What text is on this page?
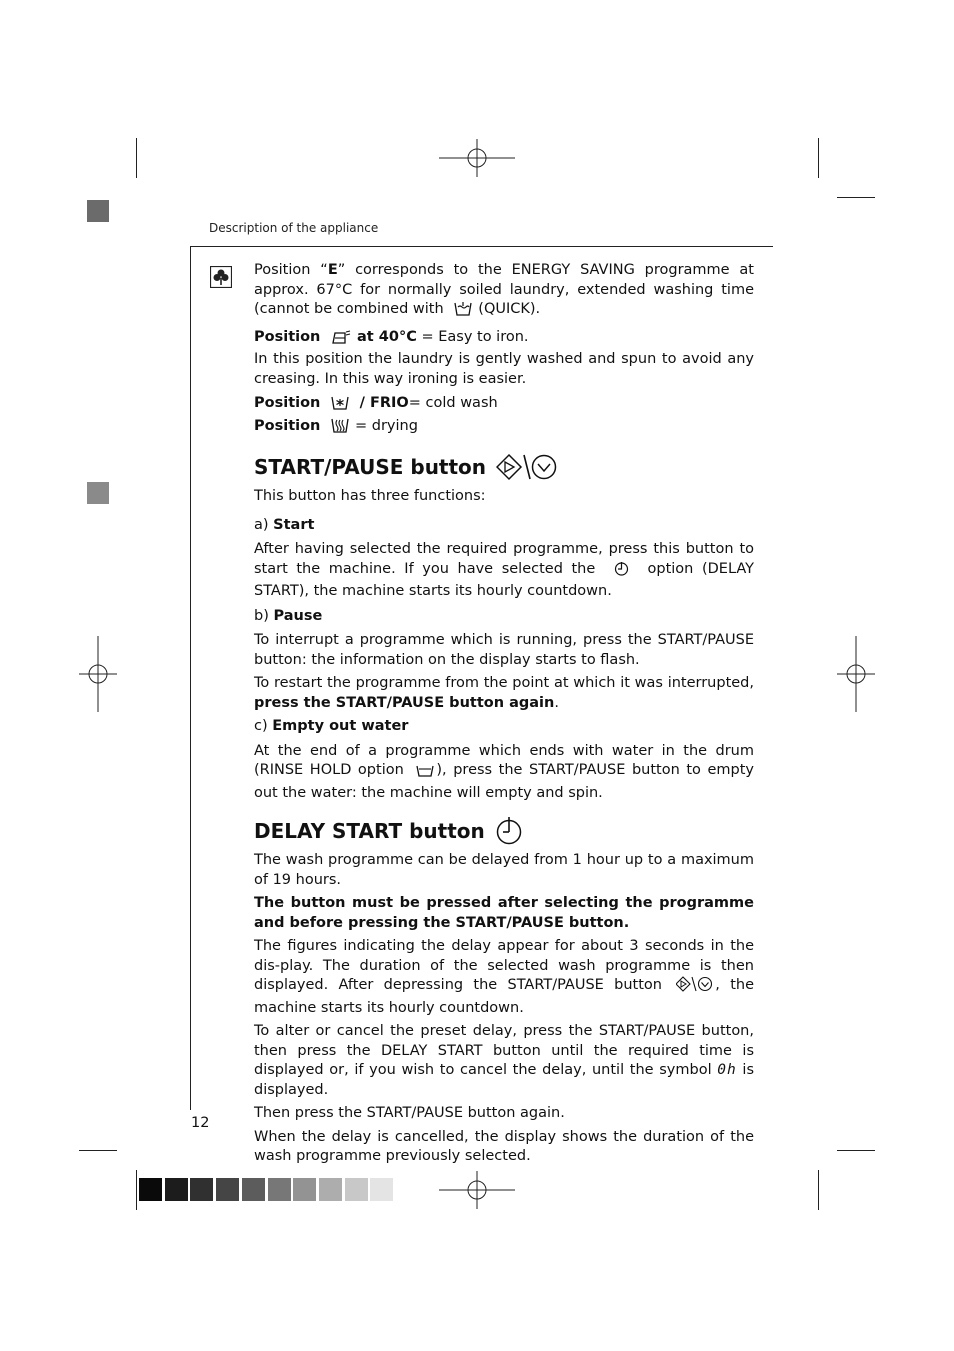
Description of the appliance

Position “E” corresponds to the ENERGY SAVING programme at approx. 67°C for normally soiled laundry, extended washing time (cannot be combined with (QUICK).

Position	at 40°C = Easy to iron.
In this position the laundry is gently washed and spun to avoid any creasing. In this way ironing is easier.

Position	/ FRIO= cold wash

Position = drying

START/PAUSE button

This button has three functions:

a) Start

After having selected the required programme, press this button to start the machine. If you have selected the	option (DELAY START), the machine starts its hourly countdown.

b) Pause

To interrupt a programme which is running, press the START/PAUSE button: the information on the display starts to flash.

To restart the programme from the point at which it was interrupted, press the START/PAUSE button again.

c) Empty out water

At the end of a programme which ends with water in the drum (RINSE HOLD option ), press the START/PAUSE button to empty out the water: the machine will empty and spin.

DELAY START button

The wash programme can be delayed from 1 hour up to a maximum of 19 hours.

The button must be pressed after selecting the programme and before pressing the START/PAUSE button.

The figures indicating the delay appear for about 3 seconds in the dis-play. The duration of the selected wash programme is then displayed. After depressing the START/PAUSE button	, the machine starts its hourly countdown.

To alter or cancel the preset delay, press the START/PAUSE button, then press the DELAY START button until the required time is displayed or, if you wish to cancel the delay, until the symbol 0h is displayed.

Then press the START/PAUSE button again.

When the delay is cancelled, the display shows the duration of the wash programme previously selected.

12
